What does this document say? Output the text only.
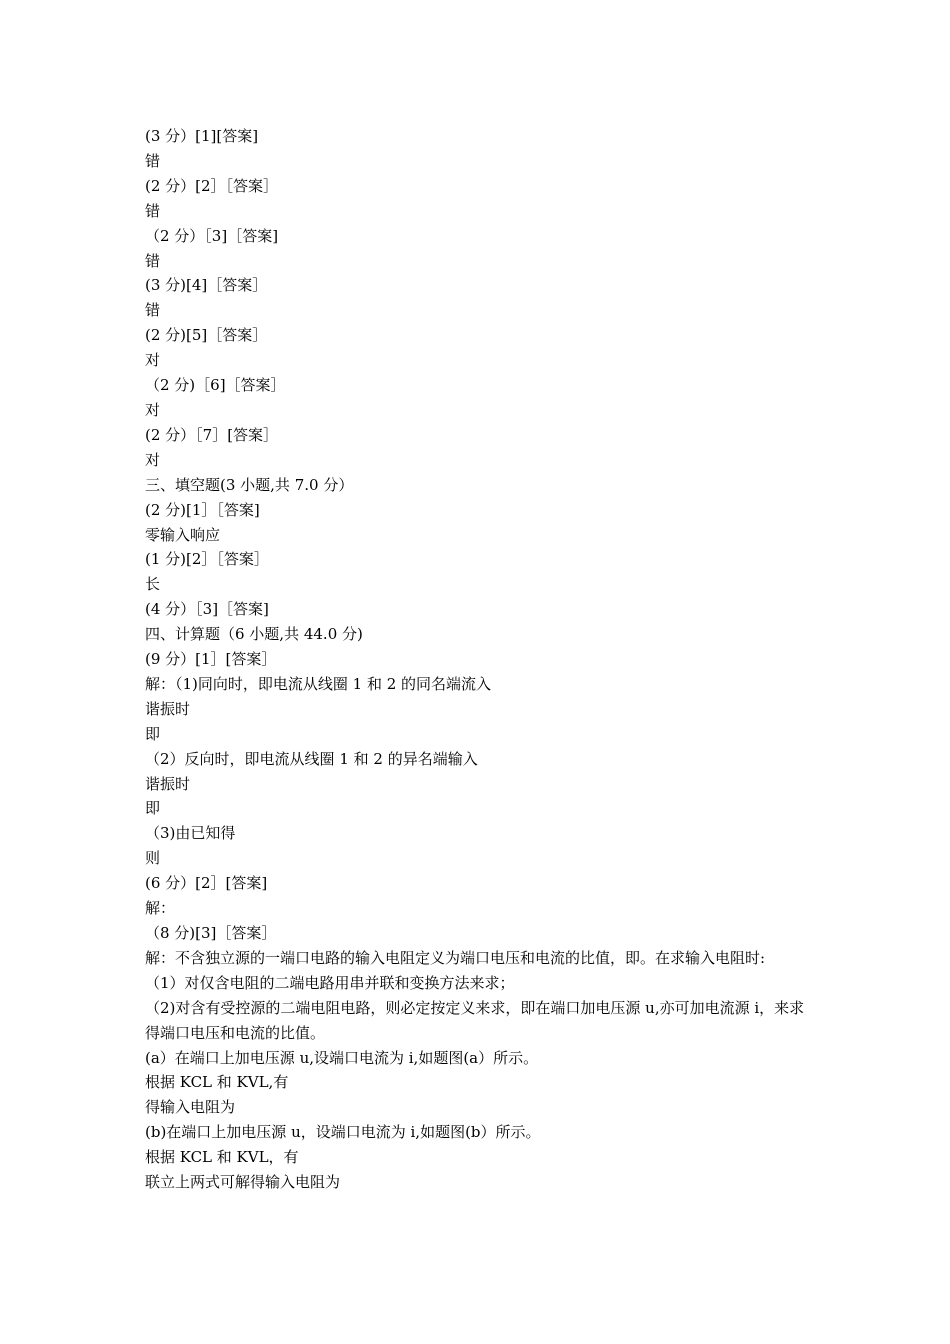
(3 分）[1][答案]

错

(2 分）[2］［答案］

错

（2 分）［3]［答案]

错

(3 分)[4]［答案］

错

(2 分)[5]［答案］

对

（2 分)［6]［答案］

对

(2 分）［7］[答案］

对

三、填空题(3 小题,共 7.0 分）

(2 分)[1］［答案]

零输入响应

(1 分)[2］［答案］

长

(4 分）［3]［答案]

四、计算题（6 小题,共 44.0 分)

(9 分）[1］[答案］

解：（1)同向时，即电流从线圈 1 和 2 的同名端流入

谐振时

即

（2）反向时，即电流从线圈 1 和 2 的异名端输入

谐振时

即

（3)由已知得

则

(6 分）[2］[答案]

解：

（8 分)[3]［答案］

解：不含独立源的一端口电路的输入电阻定义为端口电压和电流的比值，即。在求输入电阻时:

（1）对仅含电阻的二端电路用串并联和变换方法来求；

（2)对含有受控源的二端电阻电路，则必定按定义来求，即在端口加电压源 u,亦可加电流源 i，来求得端口电压和电流的比值。

(a）在端口上加电压源 u,设端口电流为 i,如题图(a）所示。

根据 KCL 和 KVL,有

得输入电阻为

(b)在端口上加电压源 u，设端口电流为 i,如题图(b）所示。

根据 KCL 和 KVL，有

联立上两式可解得输入电阻为
